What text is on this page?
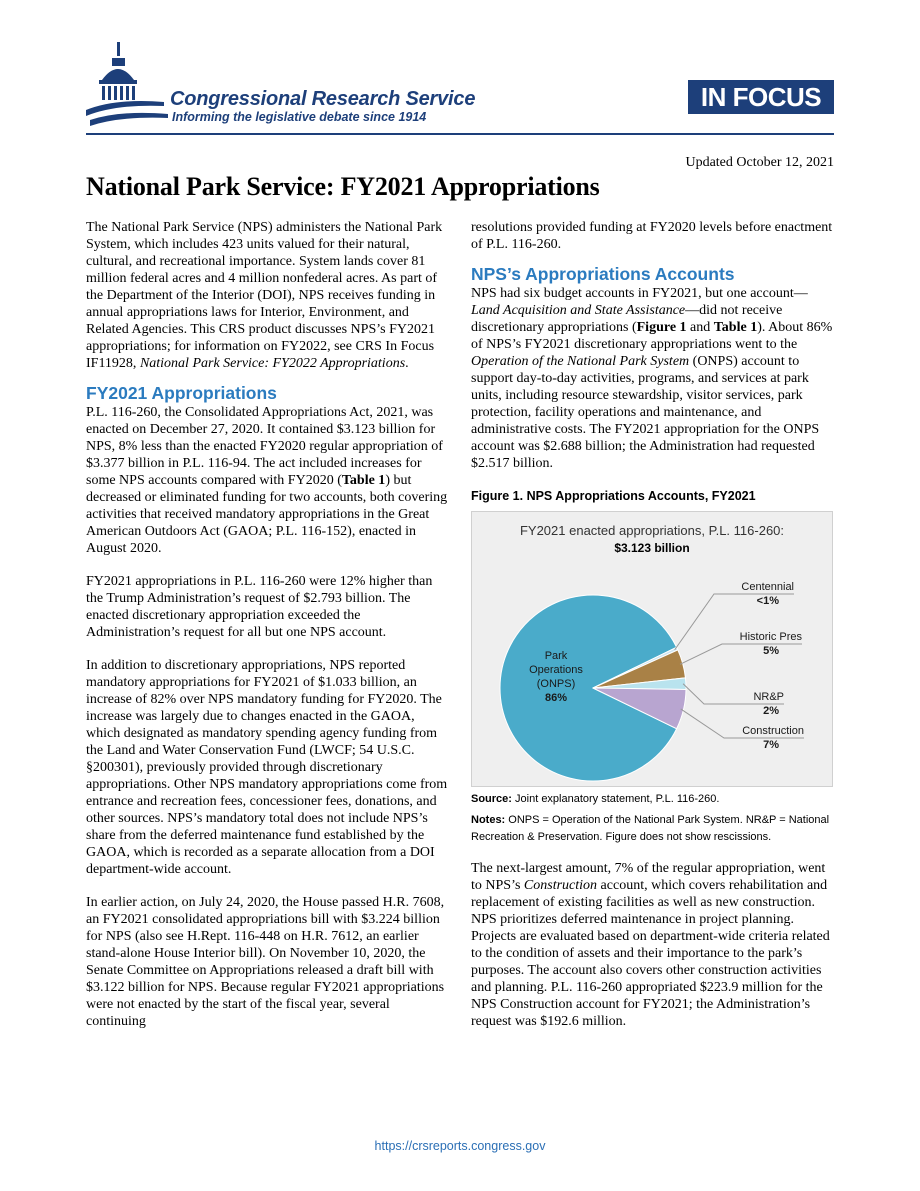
Congressional Research Service
Informing the legislative debate since 1914
IN FOCUS
Updated October 12, 2021
National Park Service: FY2021 Appropriations

The National Park Service (NPS) administers the National Park System, which includes 423 units valued for their natural, cultural, and recreational importance. System lands cover 81 million federal acres and 4 million nonfederal acres. As part of the Department of the Interior (DOI), NPS receives funding in annual appropriations laws for Interior, Environment, and Related Agencies. This CRS product discusses NPS’s FY2021 appropriations; for information on FY2022, see CRS In Focus IF11928, National Park Service: FY2022 Appropriations.

FY2021 Appropriations

P.L. 116-260, the Consolidated Appropriations Act, 2021, was enacted on December 27, 2020. It contained $3.123 billion for NPS, 8% less than the enacted FY2020 regular appropriation of $3.377 billion in P.L. 116-94. The act included increases for some NPS accounts compared with FY2020 (Table 1) but decreased or eliminated funding for two accounts, both covering activities that received mandatory appropriations in the Great American Outdoors Act (GAOA; P.L. 116-152), enacted in August 2020.

FY2021 appropriations in P.L. 116-260 were 12% higher than the Trump Administration’s request of $2.793 billion. The enacted discretionary appropriation exceeded the Administration’s request for all but one NPS account.

In addition to discretionary appropriations, NPS reported mandatory appropriations for FY2021 of $1.033 billion, an increase of 82% over NPS mandatory funding for FY2020. The increase was largely due to changes enacted in the GAOA, which designated as mandatory spending agency funding from the Land and Water Conservation Fund (LWCF; 54 U.S.C. §200301), previously provided through discretionary appropriations. Other NPS mandatory appropriations come from entrance and recreation fees, concessioner fees, donations, and other sources. NPS’s mandatory total does not include NPS’s share from the deferred maintenance fund established by the GAOA, which is recorded as a separate allocation from a DOI department-wide account.

In earlier action, on July 24, 2020, the House passed H.R. 7608, an FY2021 consolidated appropriations bill with $3.224 billion for NPS (also see H.Rept. 116-448 on H.R. 7612, an earlier stand-alone House Interior bill). On November 10, 2020, the Senate Committee on Appropriations released a draft bill with $3.122 billion for NPS. Because regular FY2021 appropriations were not enacted by the start of the fiscal year, several continuing

resolutions provided funding at FY2020 levels before enactment of P.L. 116-260.

NPS’s Appropriations Accounts

NPS had six budget accounts in FY2021, but one account—Land Acquisition and State Assistance—did not receive discretionary appropriations (Figure 1 and Table 1). About 86% of NPS’s FY2021 discretionary appropriations went to the Operation of the National Park System (ONPS) account to support day-to-day activities, programs, and services at park units, including resource stewardship, visitor services, park protection, facility operations and maintenance, and administrative costs. The FY2021 appropriation for the ONPS account was $2.688 billion; the Administration had requested $2.517 billion.

Figure 1. NPS Appropriations Accounts, FY2021
FY2021 enacted appropriations, P.L. 116-260:
$3.123 billion
Park
Operations
(ONPS)
86%
Centennial
<1%
Historic Pres
5%
NR&P
2%
Construction
7%
Source: Joint explanatory statement, P.L. 116-260.
Notes: ONPS = Operation of the National Park System. NR&P = National Recreation & Preservation. Figure does not show rescissions.

The next-largest amount, 7% of the regular appropriation, went to NPS’s Construction account, which covers rehabilitation and replacement of existing facilities as well as new construction. NPS prioritizes deferred maintenance in project planning. Projects are evaluated based on department-wide criteria related to the condition of assets and their importance to the park’s purposes. The account also covers other construction activities and planning. P.L. 116-260 appropriated $223.9 million for the NPS Construction account for FY2021; the Administration’s request was $192.6 million.

https://crsreports.congress.gov
